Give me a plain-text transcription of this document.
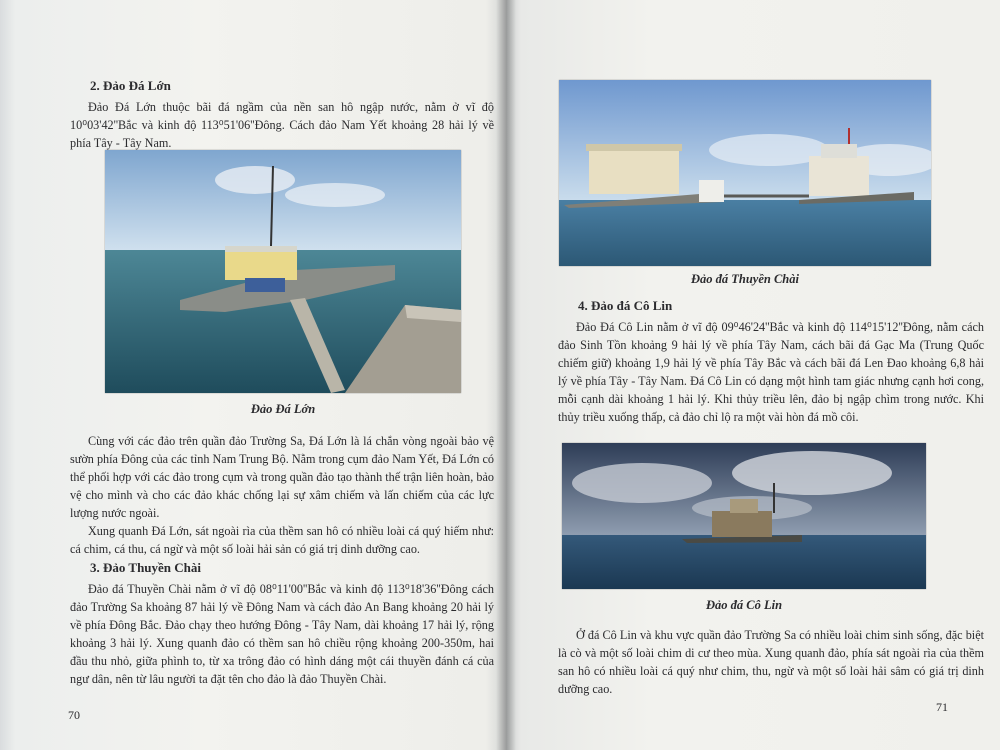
2. Đảo Đá Lớn
Đảo Đá Lớn thuộc bãi đá ngầm của nền san hô ngập nước, nằm ở vĩ độ 10⁰03'42''Bắc và kinh độ 113⁰51'06''Đông. Cách đảo Nam Yết khoảng 28 hải lý về phía Tây - Tây Nam.
Đảo Đá Lớn
Cùng với các đảo trên quần đảo Trường Sa, Đá Lớn là lá chắn vòng ngoài bảo vệ sườn phía Đông của các tỉnh Nam Trung Bộ. Nằm trong cụm đảo Nam Yết, Đá Lớn có thể phối hợp với các đảo trong cụm và trong quần đảo tạo thành thế trận liên hoàn, bảo vệ cho mình và cho các đảo khác chống lại sự xâm chiếm và lấn chiếm của các lực lượng nước ngoài.
Xung quanh Đá Lớn, sát ngoài rìa của thềm san hô có nhiều loài cá quý hiếm như: cá chim, cá thu, cá ngừ và một số loài hải sản có giá trị dinh dưỡng cao.
3. Đảo Thuyền Chài
Đảo đá Thuyền Chài nằm ở vĩ độ 08⁰11'00''Bắc và kinh độ 113⁰18'36''Đông cách đảo Trường Sa khoảng 87 hải lý về Đông Nam và cách đảo An Bang khoảng 20 hải lý về phía Đông Bắc. Đảo chạy theo hướng Đông - Tây Nam, dài khoảng 17 hải lý, rộng khoảng 3 hải lý. Xung quanh đảo có thềm san hô chiều rộng khoảng 200-350m, hai đầu thu nhỏ, giữa phình to, từ xa trông đảo có hình dáng một cái thuyền đánh cá của ngư dân, nên từ lâu người ta đặt tên cho đảo là đảo Thuyền Chài.
70
Đảo đá Thuyền Chài
4. Đảo đá Cô Lin
Đảo Đá Cô Lin nằm ở vĩ độ 09⁰46'24''Bắc và kinh độ 114⁰15'12''Đông, nằm cách đảo Sinh Tồn khoảng 9 hải lý về phía Tây Nam, cách bãi đá Gạc Ma (Trung Quốc chiếm giữ) khoảng 1,9 hải lý về phía Tây Bắc và cách bãi đá Len Đao khoảng 6,8 hải lý về phía Tây - Tây Nam. Đá Cô Lin có dạng một hình tam giác nhưng cạnh hơi cong, mỗi cạnh dài khoảng 1 hải lý. Khi thủy triều lên, đảo bị ngập chìm trong nước. Khi thủy triều xuống thấp, cả đảo chỉ lộ ra một vài hòn đá mồ côi.
Đảo đá Cô Lin
Ở đá Cô Lin và khu vực quần đảo Trường Sa có nhiều loài chim sinh sống, đặc biệt là cò và một số loài chim di cư theo mùa. Xung quanh đảo, phía sát ngoài rìa của thềm san hô có nhiều loài cá quý như chim, thu, ngừ và một số loài hải sâm có giá trị dinh dưỡng cao.
71
